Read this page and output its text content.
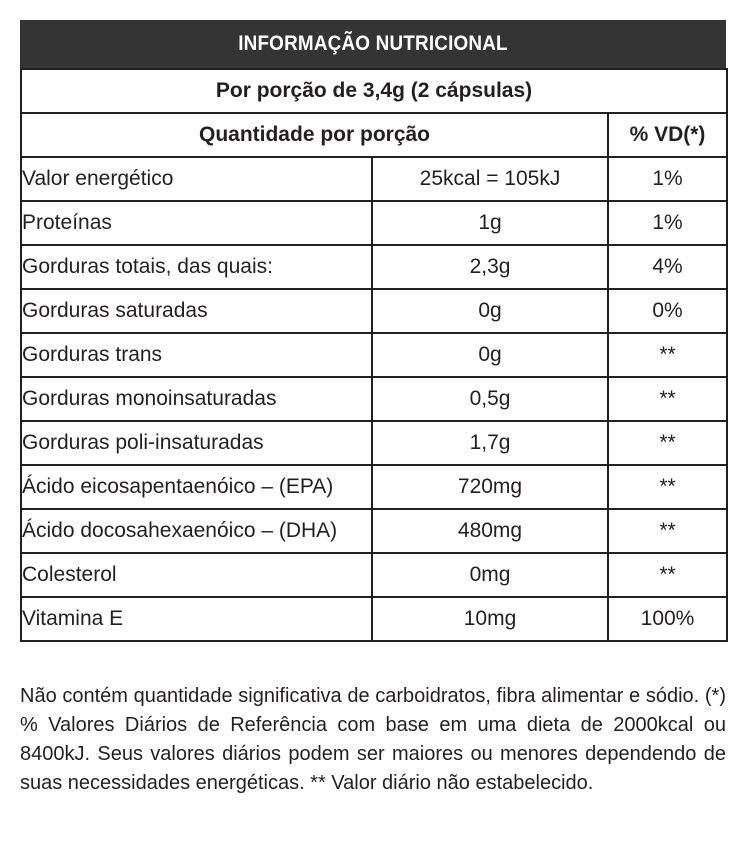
INFORMAÇÃO NUTRICIONAL
Por porção de 3,4g (2 cápsulas)		
Quantidade por porção		% VD(*)
Valor energético	25kcal = 105kJ	1%
Proteínas	1g	1%
Gorduras totais, das quais:	2,3g	4%
Gorduras saturadas	0g	0%
Gorduras trans	0g	**
Gorduras monoinsaturadas	0,5g	**
Gorduras poli-insaturadas	1,7g	**
Ácido eicosapentaenóico – (EPA)	720mg	**
Ácido docosahexaenóico – (DHA)	480mg	**
Colesterol	0mg	**
Vitamina E	10mg	100%
Não contém quantidade significativa de carboidratos, fibra alimentar e sódio. (*) % Valores Diários de Referência com base em uma dieta de 2000kcal ou 8400kJ. Seus valores diários podem ser maiores ou menores dependendo de suas necessidades energéticas. ** Valor diário não estabelecido.
